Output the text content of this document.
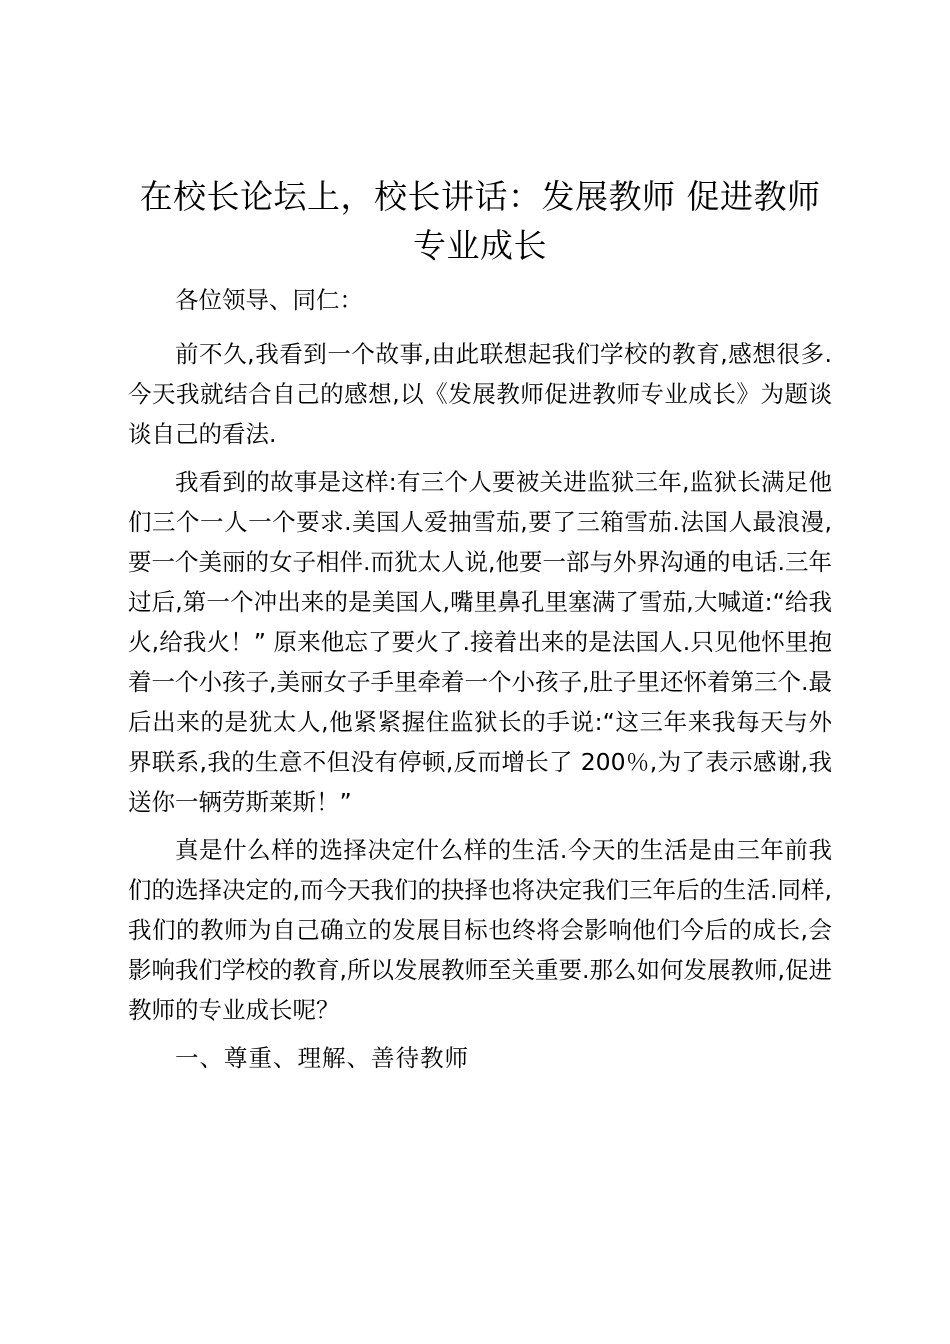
在校长论坛上，校长讲话：发展教师 促进教师专业成长

各位领导、同仁：

前不久,我看到一个故事,由此联想起我们学校的教育,感想很多.今天我就结合自己的感想,以《发展教师促进教师专业成长》为题谈谈自己的看法.

我看到的故事是这样:有三个人要被关进监狱三年,监狱长满足他们三个一人一个要求.美国人爱抽雪茄,要了三箱雪茄.法国人最浪漫,要一个美丽的女子相伴.而犹太人说,他要一部与外界沟通的电话.三年过后,第一个冲出来的是美国人,嘴里鼻孔里塞满了雪茄,大喊道:“给我火,给我火！” 原来他忘了要火了.接着出来的是法国人.只见他怀里抱着一个小孩子,美丽女子手里牵着一个小孩子,肚子里还怀着第三个.最后出来的是犹太人,他紧紧握住监狱长的手说:“这三年来我每天与外界联系,我的生意不但没有停顿,反而增长了 200％,为了表示感谢,我送你一辆劳斯莱斯！”

真是什么样的选择决定什么样的生活.今天的生活是由三年前我们的选择决定的,而今天我们的抉择也将决定我们三年后的生活.同样,我们的教师为自己确立的发展目标也终将会影响他们今后的成长,会影响我们学校的教育,所以发展教师至关重要.那么如何发展教师,促进教师的专业成长呢？

一、尊重、理解、善待教师
